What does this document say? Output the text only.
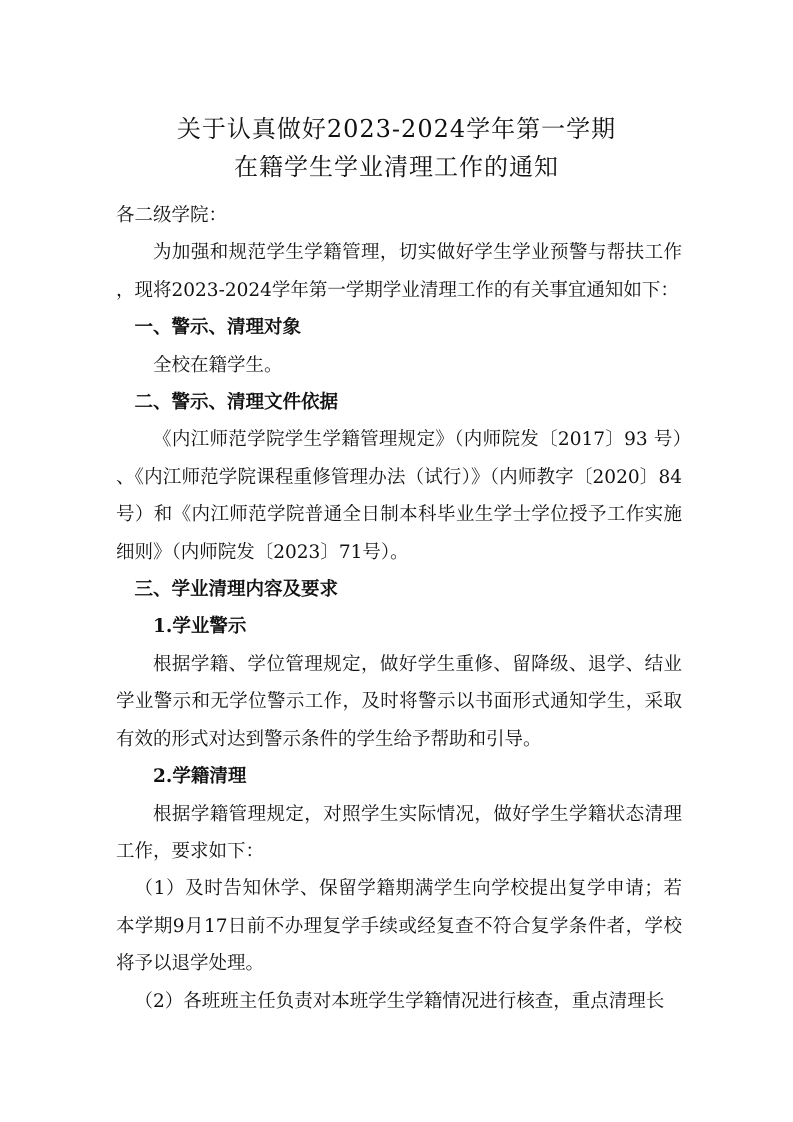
关于认真做好2023-2024学年第一学期
在籍学生学业清理工作的通知

各二级学院：

为加强和规范学生学籍管理，切实做好学生学业预警与帮扶工作，现将2023-2024学年第一学期学业清理工作的有关事宜通知如下：

一、警示、清理对象

全校在籍学生。

二、警示、清理文件依据

《内江师范学院学生学籍管理规定》（内师院发〔2017〕93 号）、《内江师范学院课程重修管理办法（试行）》（内师教字〔2020〕84号）和《内江师范学院普通全日制本科毕业生学士学位授予工作实施细则》（内师院发〔2023〕71号）。

三、学业清理内容及要求

1.学业警示

根据学籍、学位管理规定，做好学生重修、留降级、退学、结业学业警示和无学位警示工作，及时将警示以书面形式通知学生，采取有效的形式对达到警示条件的学生给予帮助和引导。

2.学籍清理

根据学籍管理规定，对照学生实际情况，做好学生学籍状态清理工作，要求如下：

（1）及时告知休学、保留学籍期满学生向学校提出复学申请；若本学期9月17日前不办理复学手续或经复查不符合复学条件者，学校将予以退学处理。

（2）各班班主任负责对本班学生学籍情况进行核查，重点清理长
